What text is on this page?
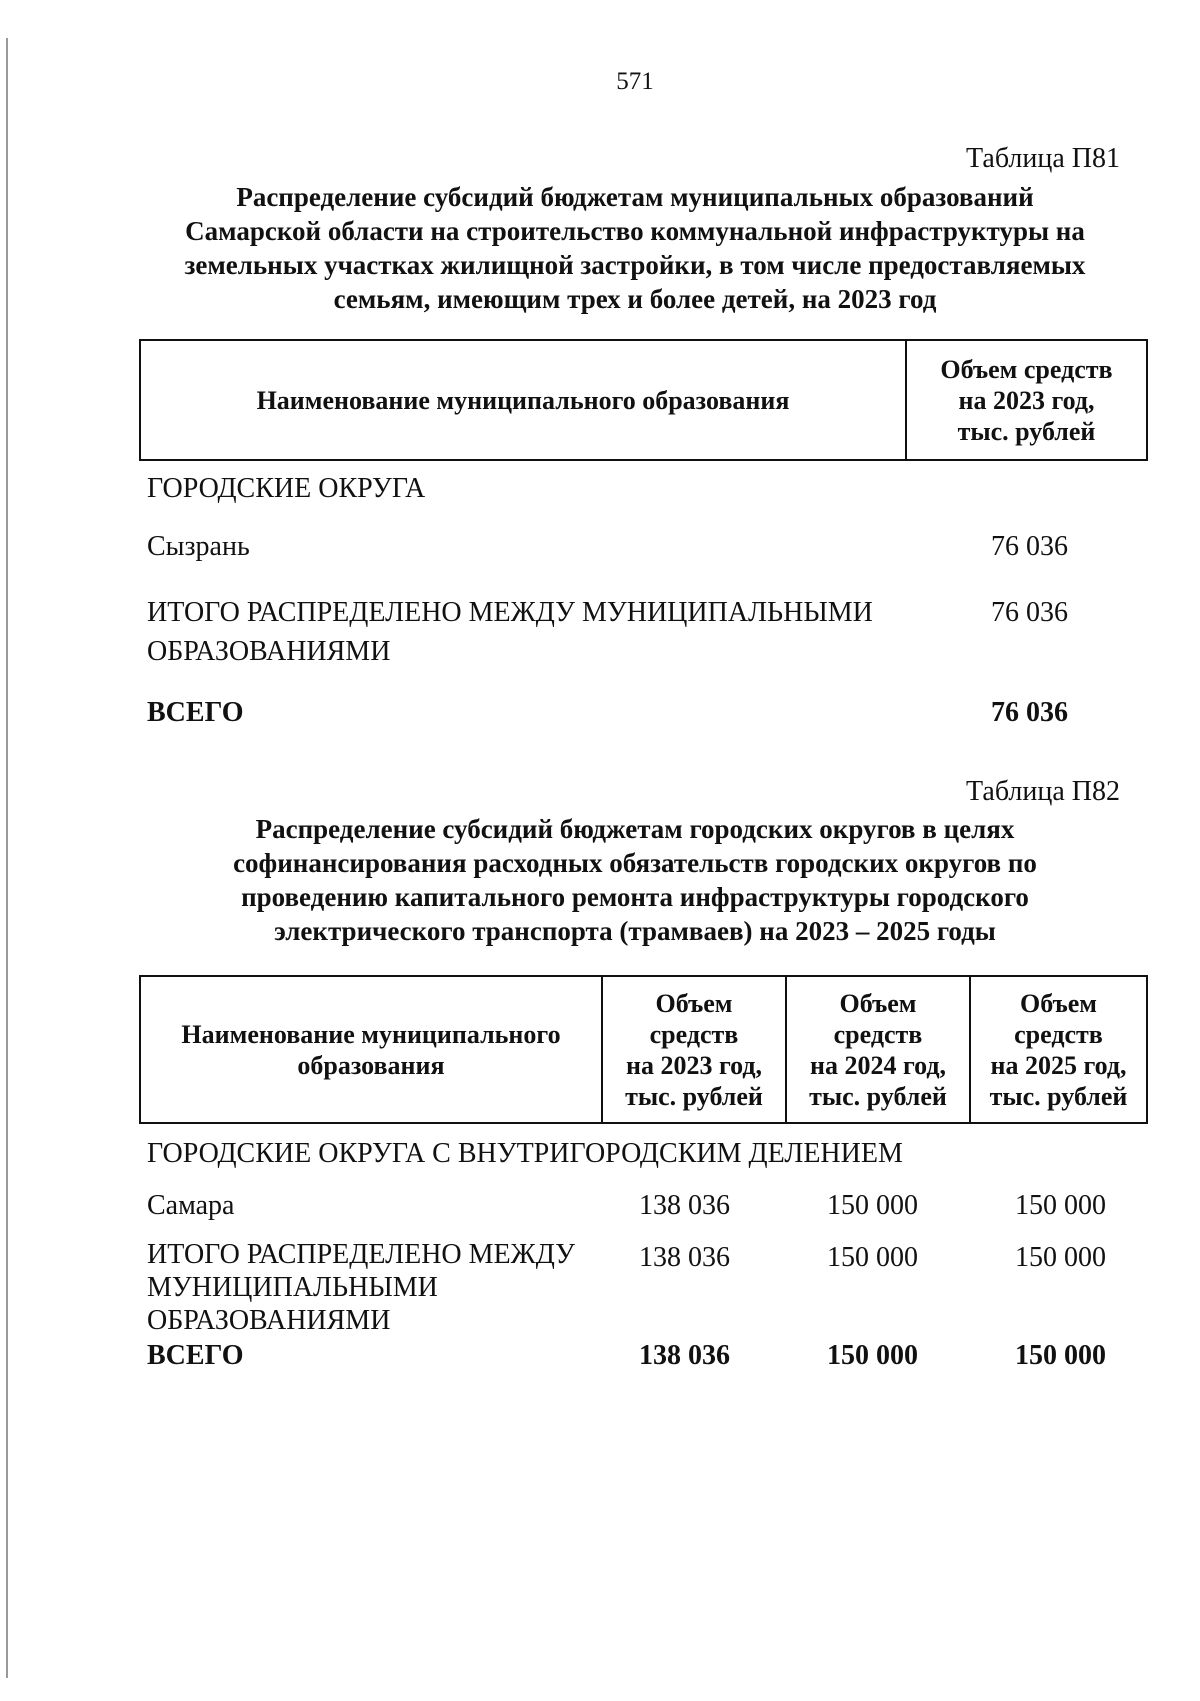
571
Таблица П81
Распределение субсидий бюджетам муниципальных образований
Самарской области на строительство коммунальной инфраструктуры на
земельных участках жилищной застройки, в том числе предоставляемых
семьям, имеющим трех и более детей, на 2023 год
Наименование муниципального образования	
Объем средств
на 2023 год,
тыс. рублей
ГОРОДСКИЕ ОКРУГА
Сызрань	76 036
ИТОГО РАСПРЕДЕЛЕНО МЕЖДУ МУНИЦИПАЛЬНЫМИ
ОБРАЗОВАНИЯМИ
76 036
ВСЕГО	76 036
Таблица П82
Распределение субсидий бюджетам городских округов в целях
софинансирования расходных обязательств городских округов по
проведению капитального ремонта инфраструктуры городского
электрического транспорта (трамваев) на 2023 – 2025 годы
Наименование муниципального
образования

Объем
средств
на 2023 год,
тыс. рублей

Объем
средств
на 2024 год,
тыс. рублей

Объем
средств
на 2025 год,
тыс. рублей
ГОРОДСКИЕ ОКРУГА С ВНУТРИГОРОДСКИМ ДЕЛЕНИЕМ
Самара	138 036	150 000	150 000
ИТОГО РАСПРЕДЕЛЕНО МЕЖДУ
МУНИЦИПАЛЬНЫМИ
ОБРАЗОВАНИЯМИ
138 036	150 000	150 000
ВСЕГО	138 036	150 000	150 000
